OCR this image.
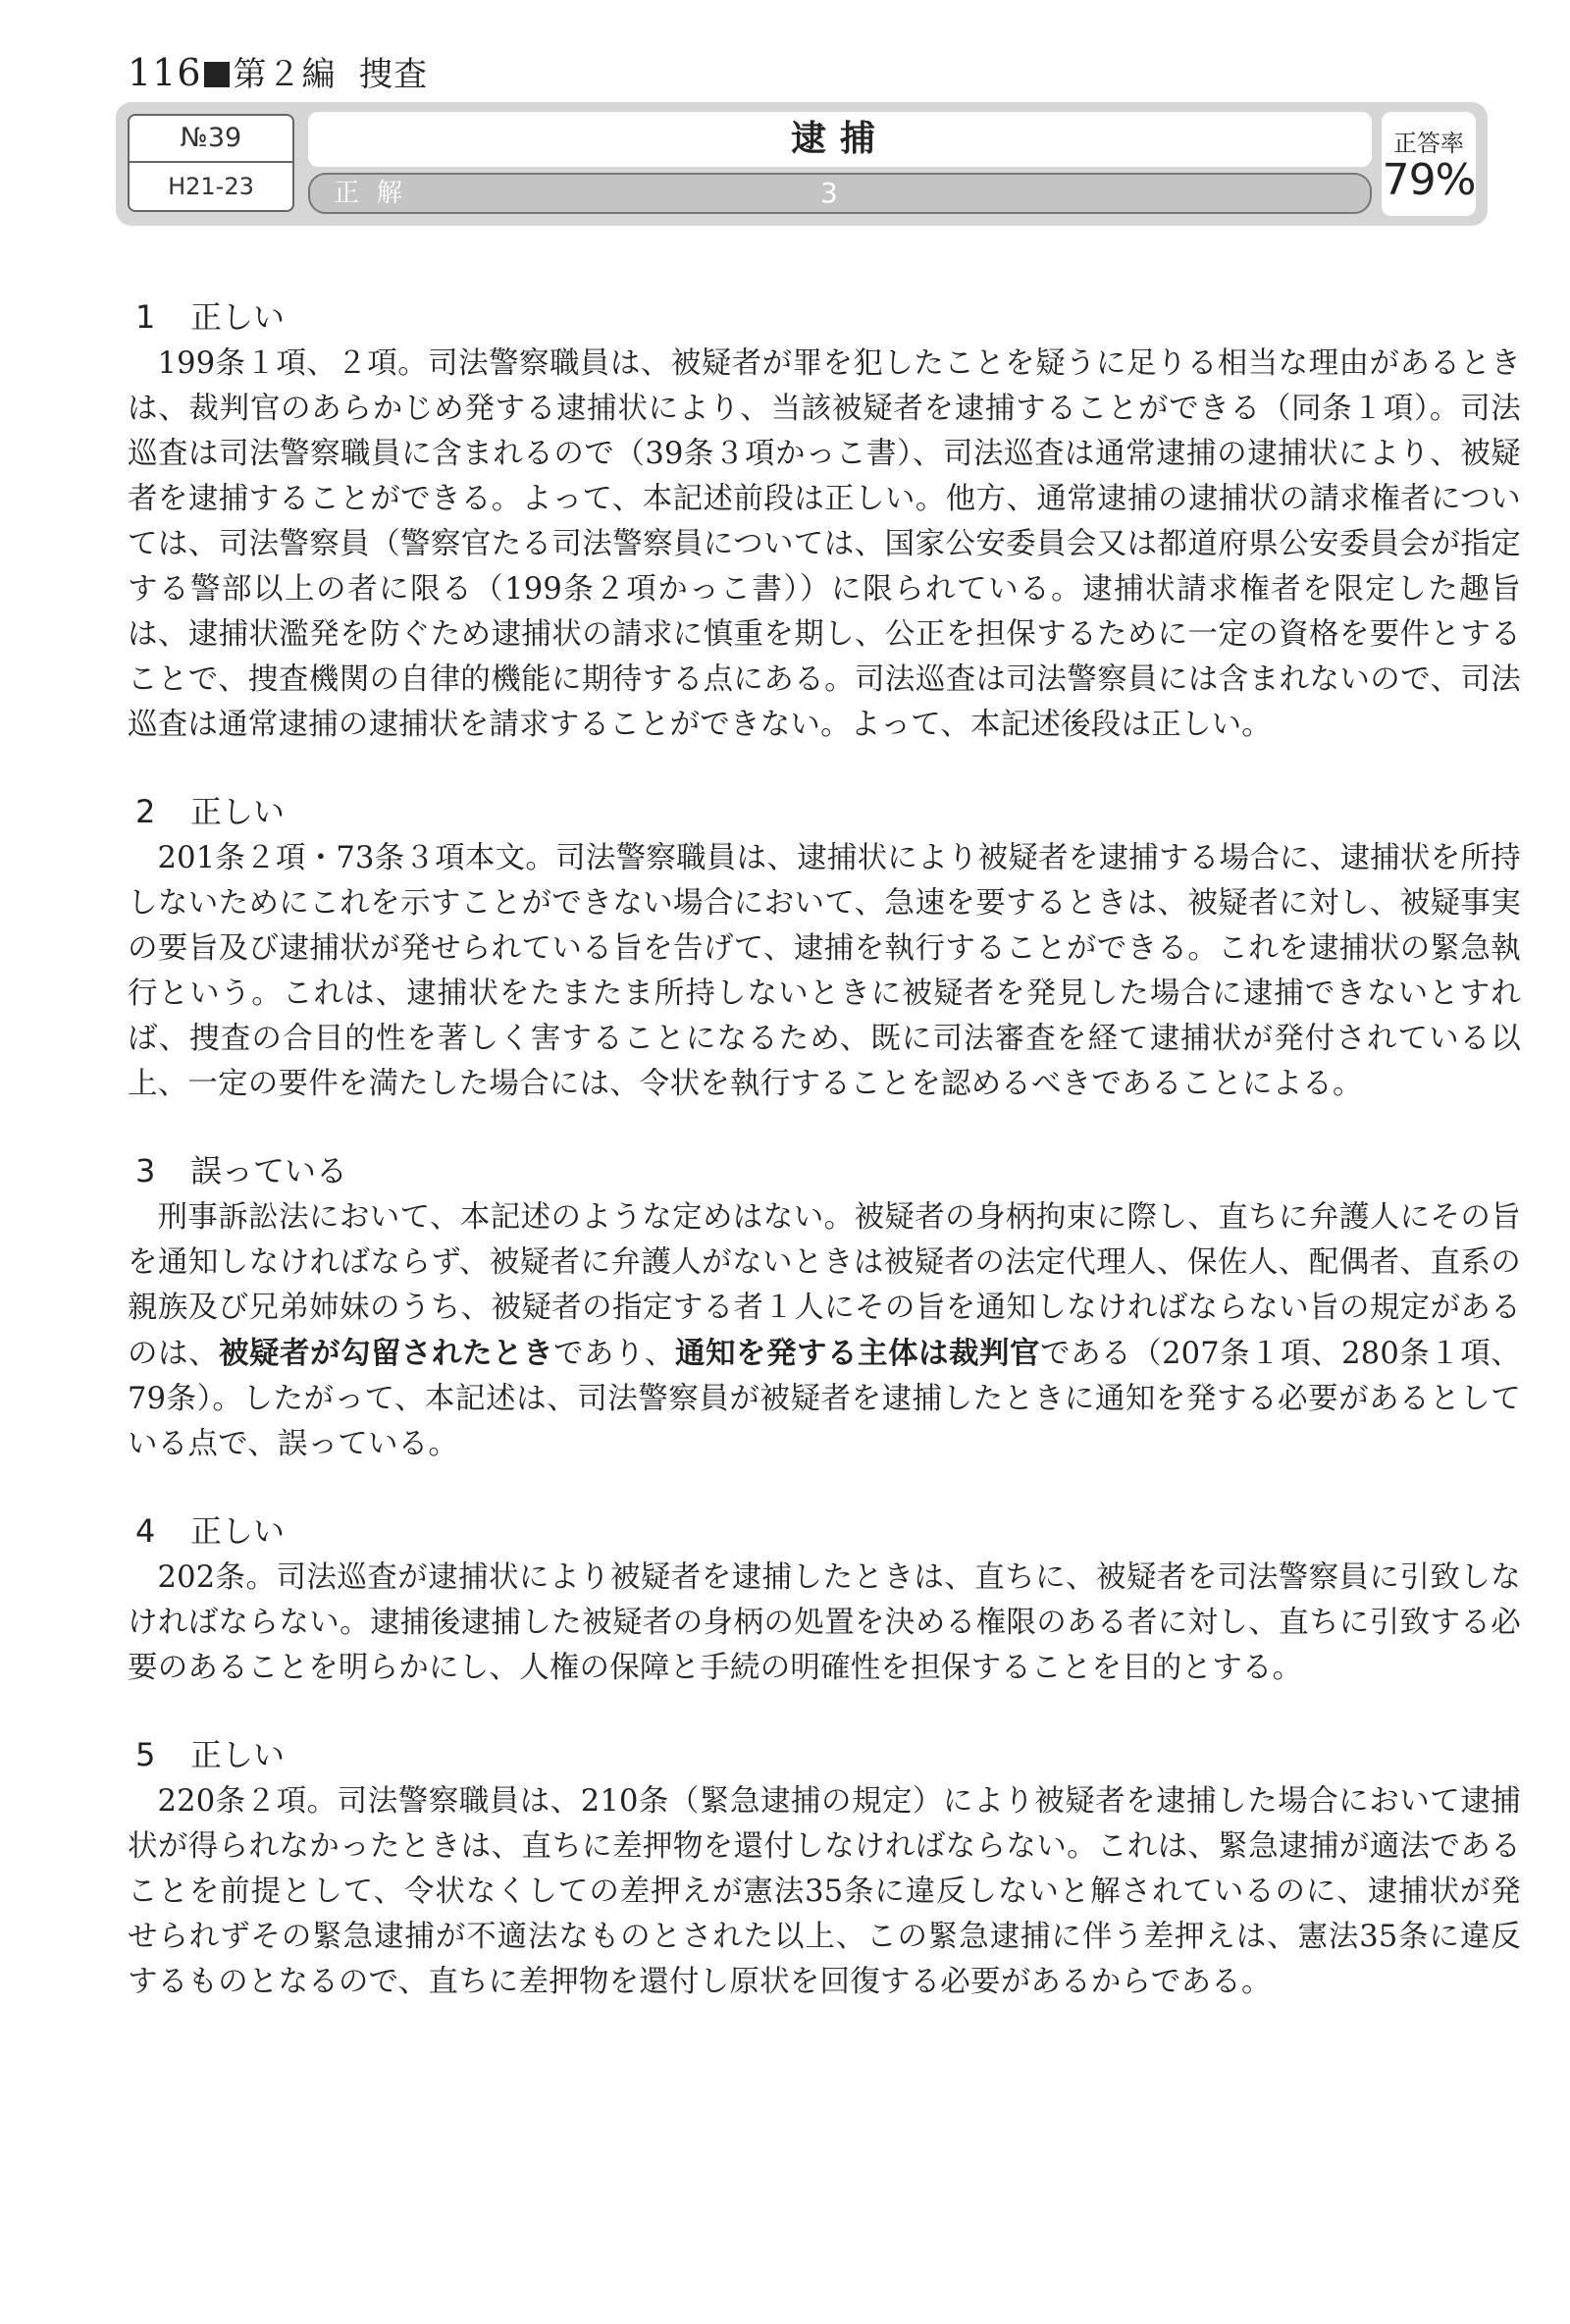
116 第２編 捜査
№39
H21-23
逮捕
正解	3
正答率
79%
1 正しい
199条１項、２項。司法警察職員は、被疑者が罪を犯したことを疑うに足りる相当な理由があるときは、裁判官のあらかじめ発する逮捕状により、当該被疑者を逮捕することができる（同条１項）。司法巡査は司法警察職員に含まれるので（39条３項かっこ書）、司法巡査は通常逮捕の逮捕状により、被疑者を逮捕することができる。よって、本記述前段は正しい。他方、通常逮捕の逮捕状の請求権者については、司法警察員（警察官たる司法警察員については、国家公安委員会又は都道府県公安委員会が指定する警部以上の者に限る（199条２項かっこ書））に限られている。逮捕状請求権者を限定した趣旨は、逮捕状濫発を防ぐため逮捕状の請求に慎重を期し、公正を担保するために一定の資格を要件とすることで、捜査機関の自律的機能に期待する点にある。司法巡査は司法警察員には含まれないので、司法巡査は通常逮捕の逮捕状を請求することができない。よって、本記述後段は正しい。
2 正しい
201条２項・73条３項本文。司法警察職員は、逮捕状により被疑者を逮捕する場合に、逮捕状を所持しないためにこれを示すことができない場合において、急速を要するときは、被疑者に対し、被疑事実の要旨及び逮捕状が発せられている旨を告げて、逮捕を執行することができる。これを逮捕状の緊急執行という。これは、逮捕状をたまたま所持しないときに被疑者を発見した場合に逮捕できないとすれば、捜査の合目的性を著しく害することになるため、既に司法審査を経て逮捕状が発付されている以上、一定の要件を満たした場合には、令状を執行することを認めるべきであることによる。
3 誤っている
刑事訴訟法において、本記述のような定めはない。被疑者の身柄拘束に際し、直ちに弁護人にその旨を通知しなければならず、被疑者に弁護人がないときは被疑者の法定代理人、保佐人、配偶者、直系の親族及び兄弟姉妹のうち、被疑者の指定する者１人にその旨を通知しなければならない旨の規定があるのは、被疑者が勾留されたときであり、通知を発する主体は裁判官である（207条１項、280条１項、79条）。したがって、本記述は、司法警察員が被疑者を逮捕したときに通知を発する必要があるとしている点で、誤っている。
4 正しい
202条。司法巡査が逮捕状により被疑者を逮捕したときは、直ちに、被疑者を司法警察員に引致しなければならない。逮捕後逮捕した被疑者の身柄の処置を決める権限のある者に対し、直ちに引致する必要のあることを明らかにし、人権の保障と手続の明確性を担保することを目的とする。
5 正しい
220条２項。司法警察職員は、210条（緊急逮捕の規定）により被疑者を逮捕した場合において逮捕状が得られなかったときは、直ちに差押物を還付しなければならない。これは、緊急逮捕が適法であることを前提として、令状なくしての差押えが憲法35条に違反しないと解されているのに、逮捕状が発せられずその緊急逮捕が不適法なものとされた以上、この緊急逮捕に伴う差押えは、憲法35条に違反するものとなるので、直ちに差押物を還付し原状を回復する必要があるからである。
